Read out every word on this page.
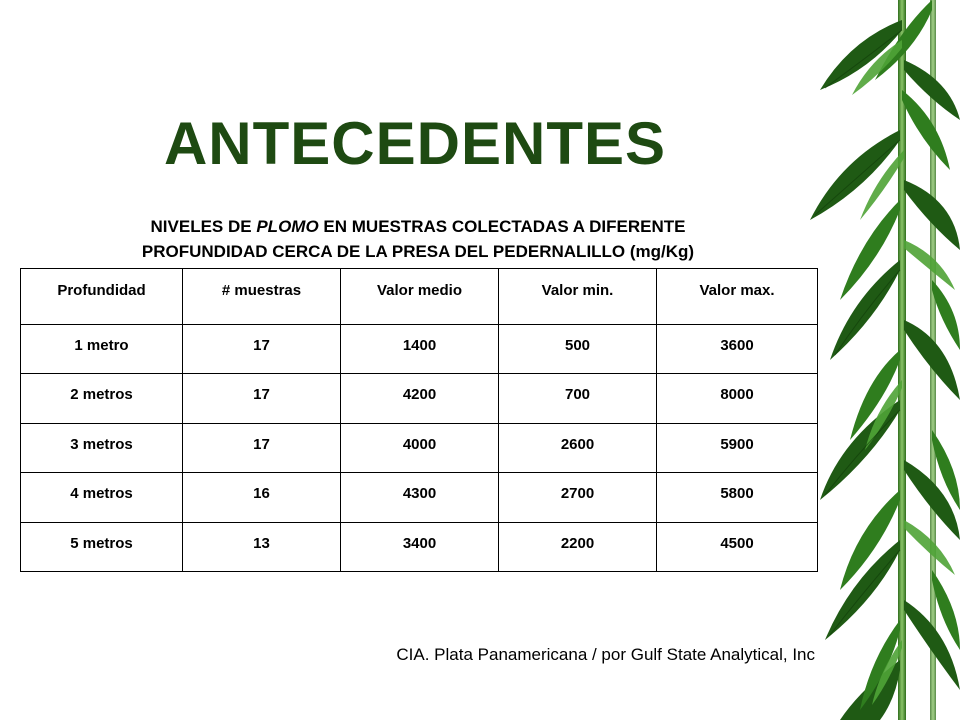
ANTECEDENTES
NIVELES DE PLOMO EN MUESTRAS COLECTADAS A DIFERENTE
PROFUNDIDAD CERCA DE LA PRESA DEL PEDERNALILLO (mg/Kg)
Profundidad	# muestras	Valor medio	Valor min.	Valor max.
1 metro	17	1400	500	3600
2 metros	17	4200	700	8000
3 metros	17	4000	2600	5900
4 metros	16	4300	2700	5800
5 metros	13	3400	2200	4500
CIA. Plata Panamericana / por Gulf State Analytical, Inc
